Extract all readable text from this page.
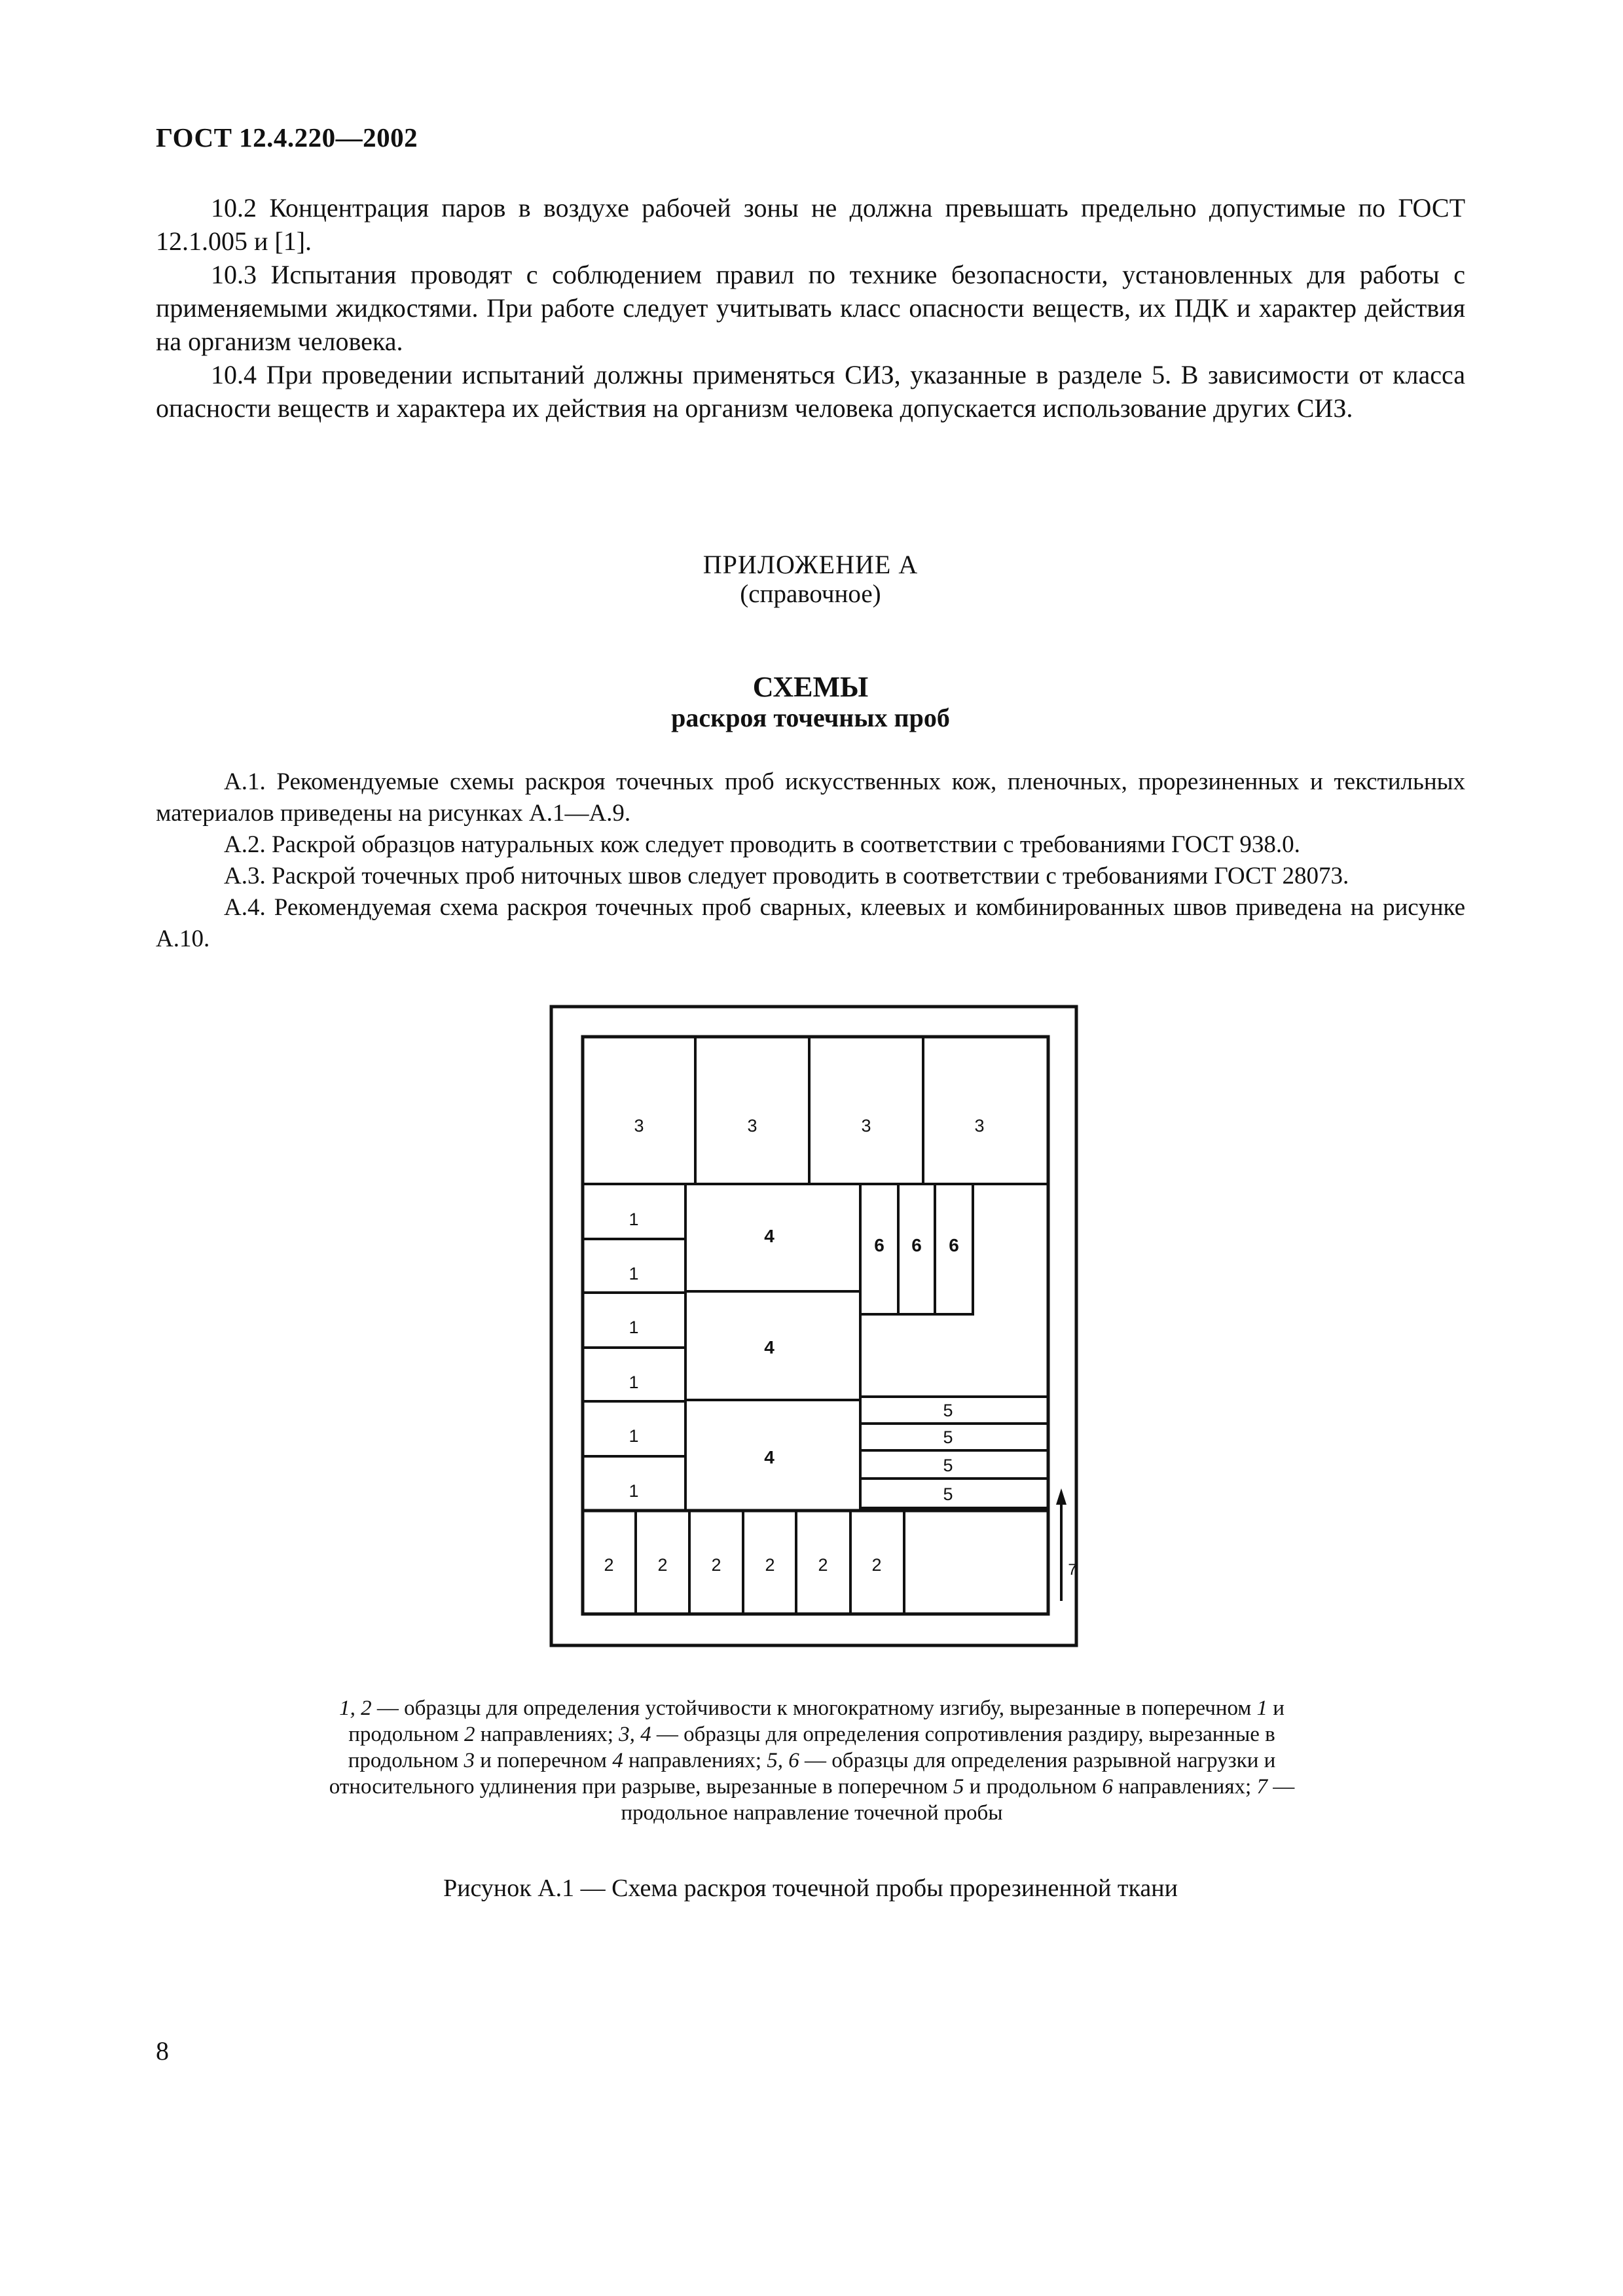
ГОСТ 12.4.220—2002

10.2 Концентрация паров в воздухе рабочей зоны не должна превышать предельно допустимые по ГОСТ 12.1.005 и [1].

10.3 Испытания проводят с соблюдением правил по технике безопасности, установленных для работы с применяемыми жидкостями. При работе следует учитывать класс опасности веществ, их ПДК и характер действия на организм человека.

10.4 При проведении испытаний должны применяться СИЗ, указанные в разделе 5. В зависимости от класса опасности веществ и характера их действия на организм человека допускается использование других СИЗ.

ПРИЛОЖЕНИЕ А
(справочное)
СХЕМЫ
раскроя точечных проб

А.1. Рекомендуемые схемы раскроя точечных проб искусственных кож, пленочных, прорезиненных и текстильных материалов приведены на рисунках А.1—А.9.

А.2. Раскрой образцов натуральных кож следует проводить в соответствии с требованиями ГОСТ 938.0.

А.3. Раскрой точечных проб ниточных швов следует проводить в соответствии с требованиями ГОСТ 28073.

А.4. Рекомендуемая схема раскроя точечных проб сварных, клеевых и комбинированных швов приведена на рисунке А.10.

3	3	3	3
1
1
1
1
1
1
4
4
4
6 6 6
5
5
5
5
2 2 2 2 2 2	7
1, 2 — образцы для определения устойчивости к многократному изгибу, вырезанные в поперечном 1 и продольном 2 направлениях; 3, 4 — образцы для определения сопротивления раздиру, вырезанные в продольном 3 и поперечном 4 направлениях; 5, 6 — образцы для определения разрывной нагрузки и относительного удлинения при разрыве, вырезанные в поперечном 5 и продольном 6 направлениях; 7 — продольное направление точечной пробы
Рисунок А.1 — Схема раскроя точечной пробы прорезиненной ткани
8
